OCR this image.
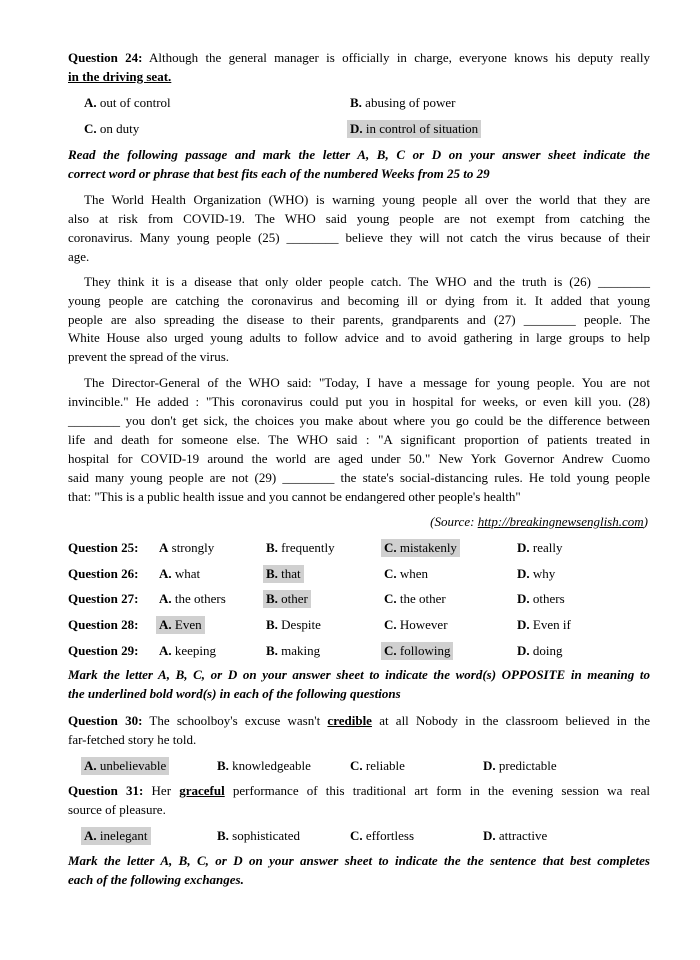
Question 24: Although the general manager is officially in charge, everyone knows his deputy really
in the driving seat.
A. out of control	B. abusing of power
C. on duty	D. in control of situation
Read the following passage and mark the letter A, B, C or D on your answer sheet indicate the
correct word or phrase that best fits each of the numbered Weeks from 25 to 29
The World Health Organization (WHO) is warning young people all over the world that they are
also at risk from COVID-19. The WHO said young people are not exempt from catching the
coronavirus. Many young people (25) ________ believe they will not catch the virus because of their
age.
They think it is a disease that only older people catch. The WHO and the truth is (26) ________
young people are catching the coronavirus and becoming ill or dying from it. It added that young
people are also spreading the disease to their parents, grandparents and (27) ________ people. The
White House also urged young adults to follow advice and to avoid gathering in large groups to help
prevent the spread of the virus.
The Director-General of the WHO said: "Today, I have a message for young people. You are not
invincible." He added : "This coronavirus could put you in hospital for weeks, or even kill you. (28)
________ you don't get sick, the choices you make about where you go could be the difference between
life and death for someone else. The WHO said : "A significant proportion of patients treated in
hospital for COVID-19 around the world are aged under 50." New York Governor Andrew Cuomo
said many young people are not (29) ________ the state's social-distancing rules. He told young people
that: "This is a public health issue and you cannot be endangered other people's health"
(Source: http://breakingnewsenglish.com)
Question 25: A strongly	B. frequently	C. mistakenly	D. really
Question 26: A. what	B. that	C. when	D. why
Question 27: A. the others	B. other	C. the other	D. others
Question 28: A. Even	B. Despite	C. However	D. Even if
Question 29: A. keeping	B. making	C. following	D. doing
Mark the letter A, B, C, or D on your answer sheet to indicate the word(s) OPPOSITE in meaning to
the underlined bold word(s) in each of the following questions
Question 30: The schoolboy's excuse wasn't credible at all Nobody in the classroom believed in the
far-fetched story he told.
A. unbelievable	B. knowledgeable	C. reliable	D. predictable
Question 31: Her graceful performance of this traditional art form in the evening session wa real
source of pleasure.
A. inelegant	B. sophisticated	C. effortless	D. attractive
Mark the letter A, B, C, or D on your answer sheet to indicate the the sentence that best completes
each of the following exchanges.
